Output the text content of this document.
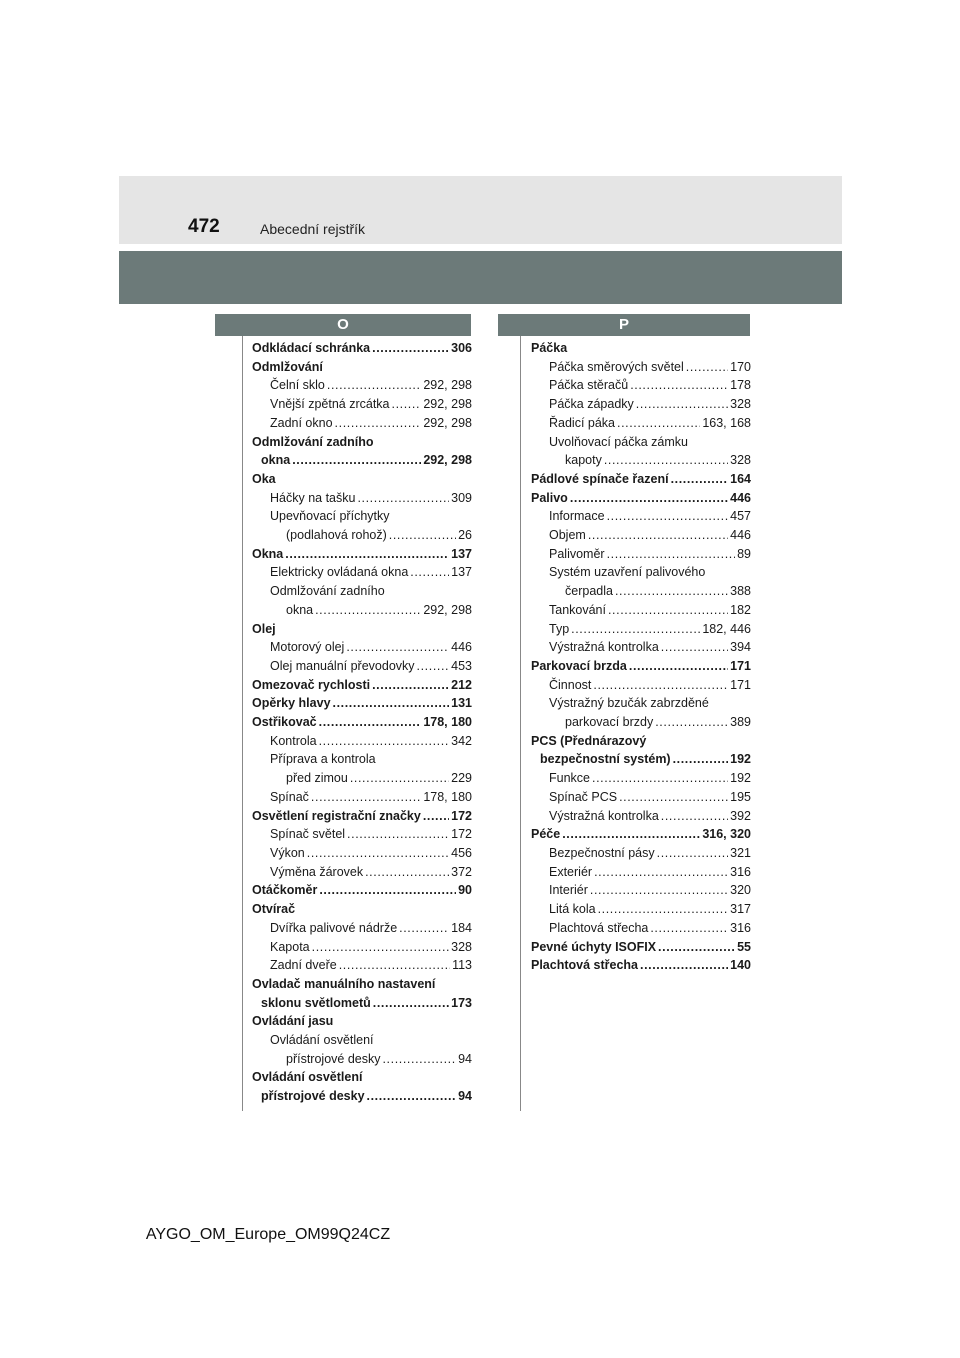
472	Abecední rejstřík
O	P
Odkládací schránka .....	306
Odmlžování
Čelní sklo .....	292, 298
Vnější zpětná zrcátka .....	292, 298
Zadní okno .....	292, 298
Odmlžování zadního
okna .....	292, 298
Oka
Háčky na tašku .....	309
Upevňovací příchytky
(podlahová rohož) .....	26
Okna .....	137
Elektricky ovládaná okna .....	137
Odmlžování zadního
okna .....	292, 298
Olej
Motorový olej .....	446
Olej manuální převodovky .....	453
Omezovač rychlosti .....	212
Opěrky hlavy .....	131
Ostřikovač .....	178, 180
Kontrola .....	342
Příprava a kontrola
před zimou .....	229
Spínač .....	178, 180
Osvětlení registrační značky ..... 172
Spínač světel .....	172
Výkon .....	456
Výměna žárovek .....	372
Otáčkoměr .....	90
Otvírač
Dvířka palivové nádrže .....	184
Kapota .....	328
Zadní dveře .....	113
Ovladač manuálního nastavení
sklonu světlometů .....	173
Ovládání jasu
Ovládání osvětlení
přístrojové desky .....	94
Ovládání osvětlení
přístrojové desky .....	94
Páčka
Páčka směrových světel .....	170
Páčka stěračů .....	178
Páčka západky .....	328
Řadicí páka .....	163, 168
Uvolňovací páčka zámku
kapoty .....	328
Pádlové spínače řazení .....	164
Palivo .....	446
Informace .....	457
Objem .....	446
Palivoměr .....	89
Systém uzavření palivového
čerpadla .....	388
Tankování .....	182
Typ .....	182, 446
Výstražná kontrolka .....	394
Parkovací brzda .....	171
Činnost .....	171
Výstražný bzučák zabrzděné
parkovací brzdy .....	389
PCS (Přednárazový
bezpečnostní systém) .....	192
Funkce .....	192
Spínač PCS .....	195
Výstražná kontrolka .....	392
Péče .....	316, 320
Bezpečnostní pásy .....	321
Exteriér .....	316
Interiér .....	320
Litá kola .....	317
Plachtová střecha .....	316
Pevné úchyty ISOFIX .....	55
Plachtová střecha .....	140
AYGO_OM_Europe_OM99Q24CZ
